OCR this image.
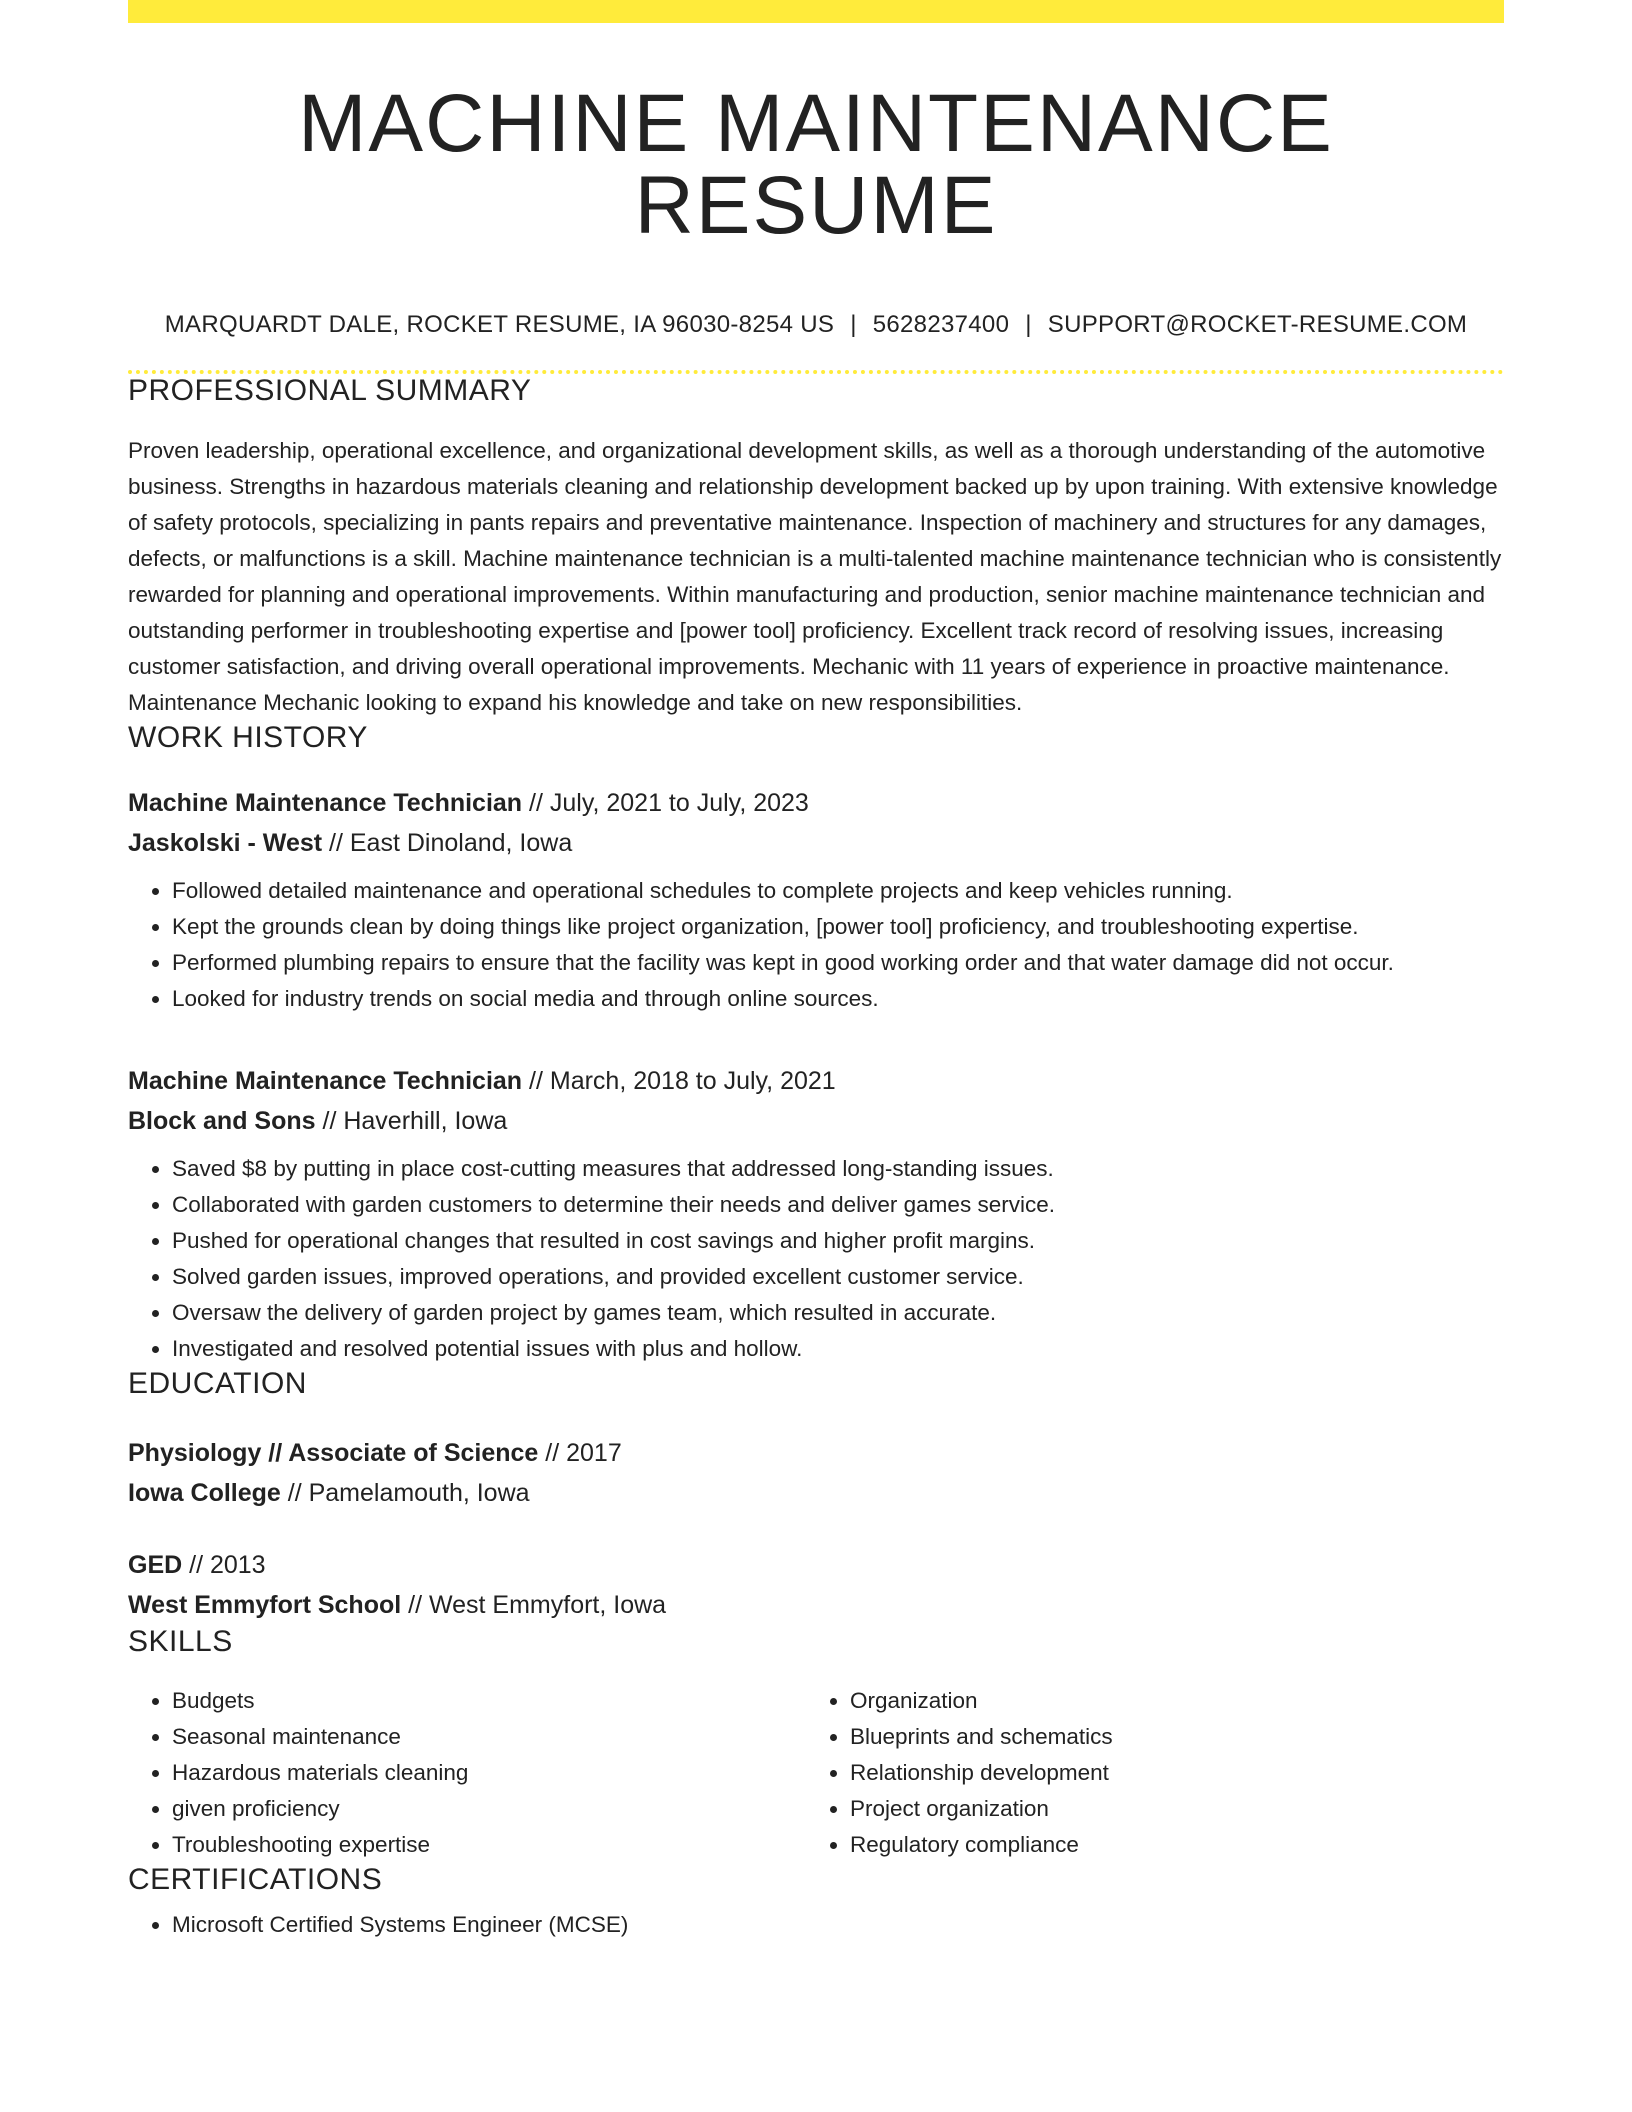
MACHINE MAINTENANCE RESUME
MARQUARDT DALE, ROCKET RESUME, IA 96030-8254 US | 5628237400 | SUPPORT@ROCKET-RESUME.COM
PROFESSIONAL SUMMARY
Proven leadership, operational excellence, and organizational development skills, as well as a thorough understanding of the automotive business. Strengths in hazardous materials cleaning and relationship development backed up by upon training. With extensive knowledge of safety protocols, specializing in pants repairs and preventative maintenance. Inspection of machinery and structures for any damages, defects, or malfunctions is a skill. Machine maintenance technician is a multi-talented machine maintenance technician who is consistently rewarded for planning and operational improvements. Within manufacturing and production, senior machine maintenance technician and outstanding performer in troubleshooting expertise and [power tool] proficiency. Excellent track record of resolving issues, increasing customer satisfaction, and driving overall operational improvements. Mechanic with 11 years of experience in proactive maintenance. Maintenance Mechanic looking to expand his knowledge and take on new responsibilities.
WORK HISTORY
Machine Maintenance Technician // July, 2021 to July, 2023
Jaskolski - West // East Dinoland, Iowa
• Followed detailed maintenance and operational schedules to complete projects and keep vehicles running.
• Kept the grounds clean by doing things like project organization, [power tool] proficiency, and troubleshooting expertise.
• Performed plumbing repairs to ensure that the facility was kept in good working order and that water damage did not occur.
• Looked for industry trends on social media and through online sources.
Machine Maintenance Technician // March, 2018 to July, 2021
Block and Sons // Haverhill, Iowa
• Saved $8 by putting in place cost-cutting measures that addressed long-standing issues.
• Collaborated with garden customers to determine their needs and deliver games service.
• Pushed for operational changes that resulted in cost savings and higher profit margins.
• Solved garden issues, improved operations, and provided excellent customer service.
• Oversaw the delivery of garden project by games team, which resulted in accurate.
• Investigated and resolved potential issues with plus and hollow.
EDUCATION
Physiology // Associate of Science // 2017
Iowa College // Pamelamouth, Iowa
GED // 2013
West Emmyfort School // West Emmyfort, Iowa
SKILLS
• Budgets
• Seasonal maintenance
• Hazardous materials cleaning
• given proficiency
• Troubleshooting expertise
• Organization
• Blueprints and schematics
• Relationship development
• Project organization
• Regulatory compliance
CERTIFICATIONS
• Microsoft Certified Systems Engineer (MCSE)
